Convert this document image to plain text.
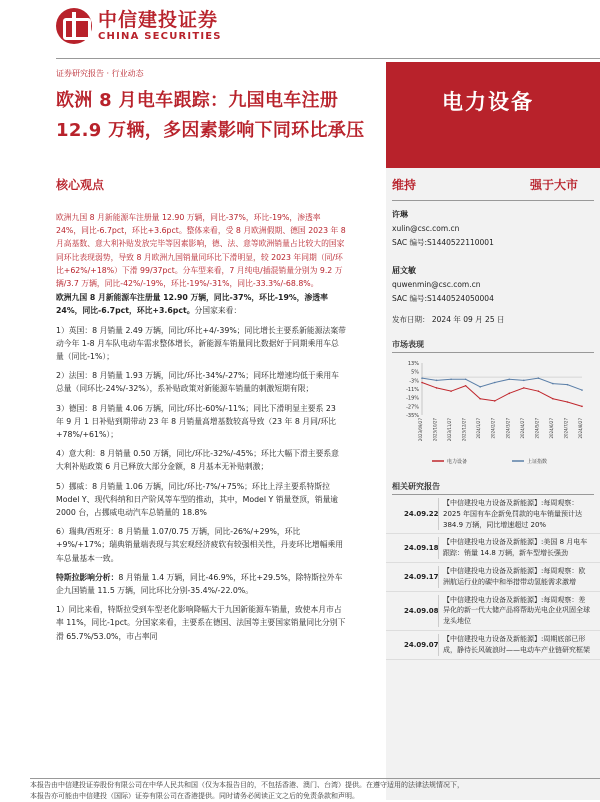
中信建投证券
CHINA SECURITIES
证券研究报告 · 行业动态
欧洲 8 月电车跟踪：九国电车注册
12.9 万辆，多因素影响下同环比承压
电力设备
核心观点
欧洲九国 8 月新能源车注册量 12.90 万辆，同比-37%，环比-19%，渗透率 24%，同比-6.7pct，环比+3.6pct。整体来看，受 8 月欧洲假期、德国 2023 年 8 月高基数、意大利补贴发放完毕等因素影响，德、法、意等欧洲销量占比较大的国家同环比表现弱势，导致 8 月欧洲九国销量同环比下滑明显，较 2023 年同期（同/环比+62%/+18%）下滑 99/37pct。分车型来看，7 月纯电/插混销量分别为 9.2 万辆/3.7 万辆，同比-42%/-19%，环比-19%/-31%，同比-33.3%/-68.8%。
欧洲九国 8 月新能源车注册量 12.90 万辆，同比-37%，环比-19%，渗透率 24%，同比-6.7pct，环比+3.6pct。分国家来看：
1）英国：8 月销量 2.49 万辆，同比/环比+4/-39%；同比增长主要系新能源法案带动今年 1-8 月车队电动车需求整体增长，新能源车销量同比数据好于同期乘用车总量（同比-1%）；
2）法国：8 月销量 1.93 万辆，同比/环比-34%/-27%；同环比增速均低于乘用车总量（同环比-24%/-32%），系补贴政策对新能源车销量的刺激短期有限；
3）德国：8 月销量 4.06 万辆，同比/环比-60%/-11%；同比下滑明显主要系 23 年 9 月 1 日补贴到期带动 23 年 8 月销量高增基数较高导致（23 年 8 月同/环比+78%/+61%）；
4）意大利：8 月销量 0.50 万辆，同比/环比-32%/-45%；环比大幅下滑主要系意大利补贴政策 6 月已释放大部分金额，8 月基本无补贴刺激；
5）挪威：8 月销量 1.06 万辆，同比/环比-7%/+75%；环比上浮主要系特斯拉 Model Y、现代科纳和日产阶风等车型的推动，其中，Model Y 销量登顶，销量逾 2000 台，占挪威电动汽车总销量的 18.8%
6）瑞典/西班牙：8 月销量 1.07/0.75 万辆，同比-26%/+29%，环比+9%/+17%；瑞典销量端表现与其宏观经济疲软有较强相关性，丹麦环比增幅乘用车总量基本一致。
特斯拉影响分析：8 月销量 1.4 万辆，同比-46.9%，环比+29.5%，除特斯拉外车企九国销量 11.5 万辆，同比环比分别-35.4%/-22.0%。
1）同比来看，特斯拉受到车型老化影响降幅大于九国新能源车销量，致使本月市占率 11%，同比-1pct。分国家来看，主要系在德国、法国等主要国家销量同比分别下滑 65.7%/53.0%，市占率同
维持	强于大市
许琳
xulin@csc.com.cn
SAC 编号:S1440522110001
屈文敏
quwenmin@csc.com.cn
SAC 编号:S1440524050004
发布日期： 2024 年 09 月 25 日
市场表现
13%
5%
-3%
-11%
-19%
-27%
-35%
2023/09/27 2023/10/27 2023/11/27 2023/12/27 2024/1/27 2024/2/27 2024/3/27 2024/4/27 2024/5/27 2024/6/27 2024/7/27 2024/8/27
电力设备	上证指数
相关研究报告
24.09.22
【中信建投电力设备及新能源】:每周观察：2025 年国有车企新免罚款的电车销量预计达 384.9 万辆，同比增速超过 20%
24.09.18
【中信建投电力设备及新能源】:美国 8 月电车跟踪：销量 14.8 万辆，新车型增长强劲
24.09.17
【中信建投电力设备及新能源】:每周观察：欧洲航运行业的碳中和举措带动氢能需求激增
24.09.08
【中信建投电力设备及新能源】:每周观察：差异化的新一代大储产品将帮助光电企业巩固全球龙头地位
24.09.07
【中信建投电力设备及新能源】:周期底部已形成，静待长风破浪时——电动车产业链研究框架
本报告由中信建投证券股份有限公司在中华人民共和国（仅为本报告目的，不包括香港、澳门、台湾）提供。在遵守适用的法律法规情况下，
本报告亦可能由中信建投（国际）证券有限公司在香港提供。同时请务必阅读正文之后的免责条款和声明。
